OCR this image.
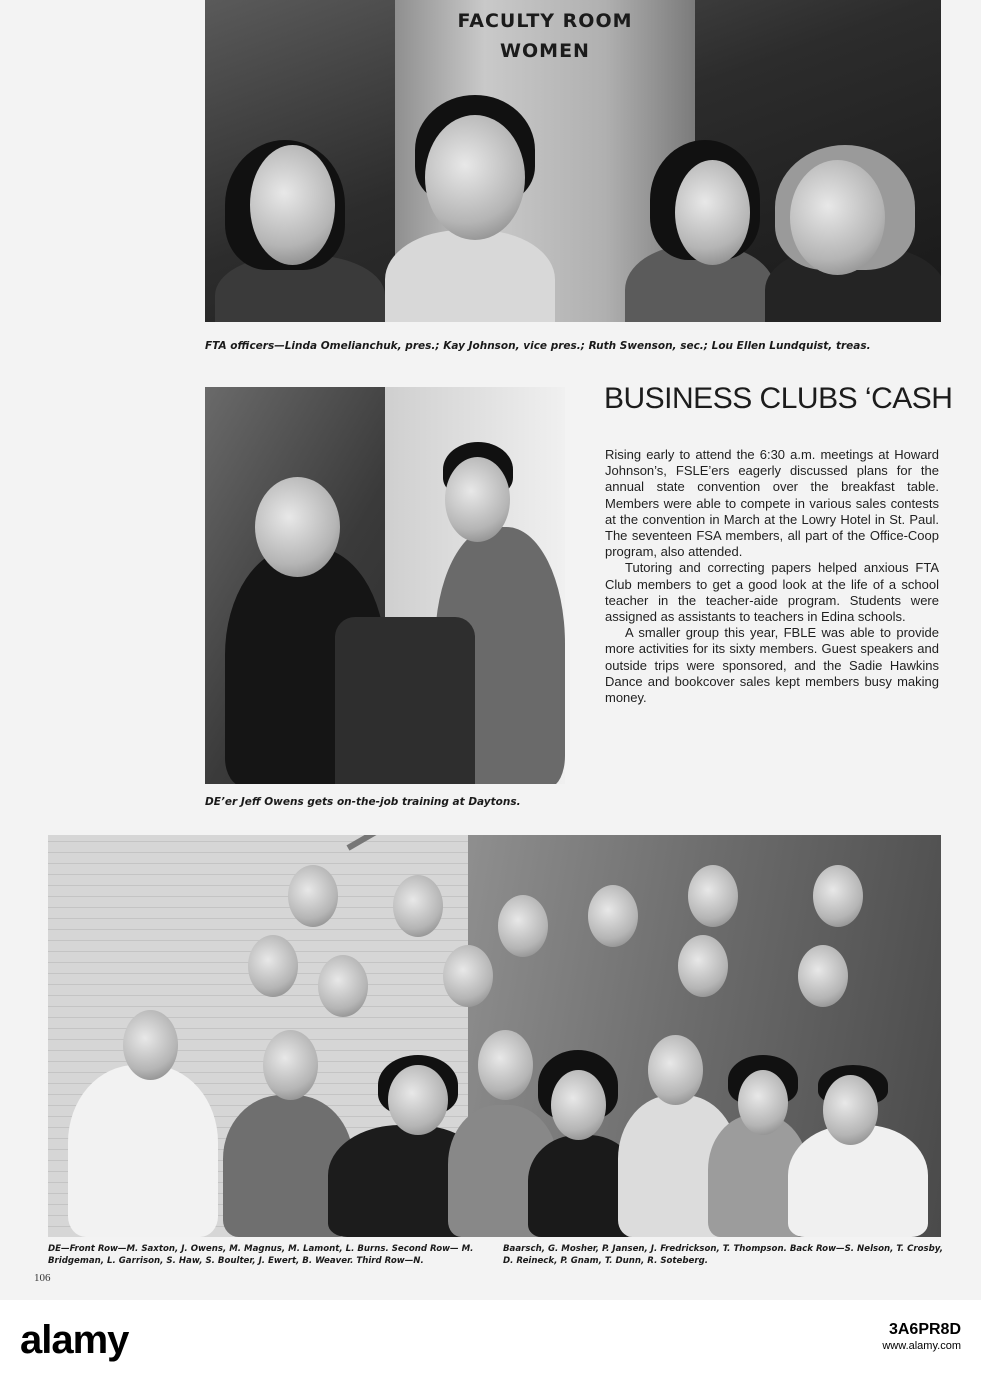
FACULTY ROOM
WOMEN
FTA officers—Linda Omelianchuk, pres.; Kay Johnson, vice pres.; Ruth Swenson, sec.; Lou Ellen Lundquist, treas.
DE’er Jeff Owens gets on-the-job training at Daytons.
BUSINESS CLUBS ‘CASH

Rising early to attend the 6:30 a.m. meetings at Howard Johnson’s, FSLE’ers eagerly discussed plans for the annual state convention over the breakfast table. Members were able to compete in various sales contests at the convention in March at the Lowry Hotel in St. Paul. The seventeen FSA members, all part of the Office-Coop program, also attended.

Tutoring and correcting papers helped anxious FTA Club members to get a good look at the life of a school teacher in the teacher-aide program. Students were assigned as assistants to teachers in Edina schools.

A smaller group this year, FBLE was able to provide more activities for its sixty members. Guest speakers and outside trips were sponsored, and the Sadie Hawkins Dance and bookcover sales kept members busy making money.

DE—Front Row—M. Saxton, J. Owens, M. Magnus, M. Lamont, L. Burns. Second Row— M. Bridgeman, L. Garrison, S. Haw, S. Boulter, J. Ewert, B. Weaver. Third Row—N.
Baarsch, G. Mosher, P. Jansen, J. Fredrickson, T. Thompson. Back Row—S. Nelson, T. Crosby, D. Reineck, P. Gnam, T. Dunn, R. Soteberg.
106
alamy	3A6PR8D
www.alamy.com
